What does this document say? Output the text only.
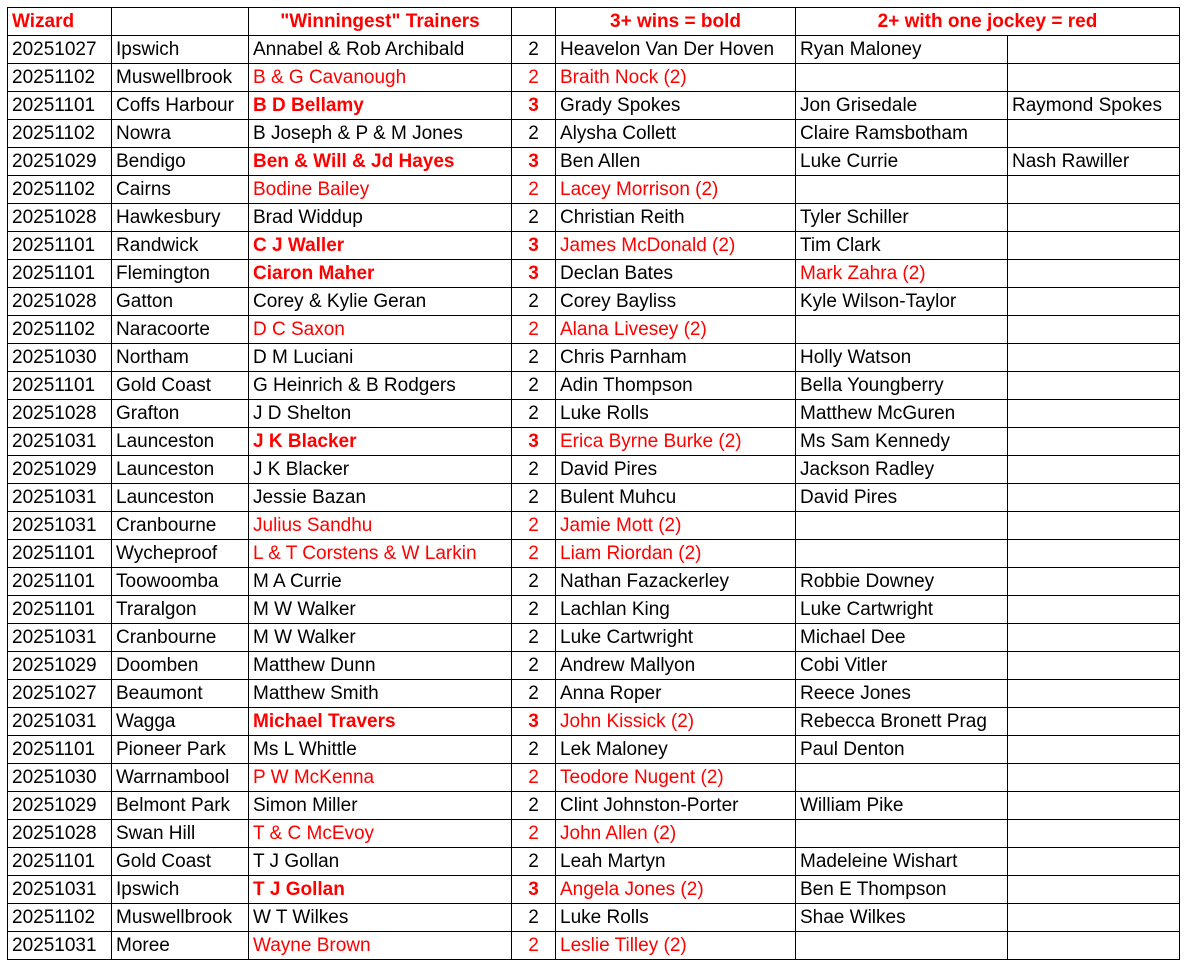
Wizard		"Winningest" Trainers		3+ wins = bold	2+ with one jockey = red	
20251027	Ipswich	Annabel & Rob Archibald	2	Heavelon Van Der Hoven	Ryan Maloney	
20251102	Muswellbrook	B & G Cavanough	2	Braith Nock (2)		
20251101	Coffs Harbour	B D Bellamy	3	Grady Spokes	Jon Grisedale	Raymond Spokes
20251102	Nowra	B Joseph & P & M Jones	2	Alysha Collett	Claire Ramsbotham	
20251029	Bendigo	Ben & Will & Jd Hayes	3	Ben Allen	Luke Currie	Nash Rawiller
20251102	Cairns	Bodine Bailey	2	Lacey Morrison (2)		
20251028	Hawkesbury	Brad Widdup	2	Christian Reith	Tyler Schiller	
20251101	Randwick	C J Waller	3	James McDonald (2)	Tim Clark	
20251101	Flemington	Ciaron Maher	3	Declan Bates	Mark Zahra (2)	
20251028	Gatton	Corey & Kylie Geran	2	Corey Bayliss	Kyle Wilson-Taylor	
20251102	Naracoorte	D C Saxon	2	Alana Livesey (2)		
20251030	Northam	D M Luciani	2	Chris Parnham	Holly Watson	
20251101	Gold Coast	G Heinrich & B Rodgers	2	Adin Thompson	Bella Youngberry	
20251028	Grafton	J D Shelton	2	Luke Rolls	Matthew McGuren	
20251031	Launceston	J K Blacker	3	Erica Byrne Burke (2)	Ms Sam Kennedy	
20251029	Launceston	J K Blacker	2	David Pires	Jackson Radley	
20251031	Launceston	Jessie Bazan	2	Bulent Muhcu	David Pires	
20251031	Cranbourne	Julius Sandhu	2	Jamie Mott (2)		
20251101	Wycheproof	L & T Corstens & W Larkin	2	Liam Riordan (2)		
20251101	Toowoomba	M A Currie	2	Nathan Fazackerley	Robbie Downey	
20251101	Traralgon	M W Walker	2	Lachlan King	Luke Cartwright	
20251031	Cranbourne	M W Walker	2	Luke Cartwright	Michael Dee	
20251029	Doomben	Matthew Dunn	2	Andrew Mallyon	Cobi Vitler	
20251027	Beaumont	Matthew Smith	2	Anna Roper	Reece Jones	
20251031	Wagga	Michael Travers	3	John Kissick (2)	Rebecca Bronett Prag	
20251101	Pioneer Park	Ms L Whittle	2	Lek Maloney	Paul Denton	
20251030	Warrnambool	P W McKenna	2	Teodore Nugent (2)		
20251029	Belmont Park	Simon Miller	2	Clint Johnston-Porter	William Pike	
20251028	Swan Hill	T & C McEvoy	2	John Allen (2)		
20251101	Gold Coast	T J Gollan	2	Leah Martyn	Madeleine Wishart	
20251031	Ipswich	T J Gollan	3	Angela Jones (2)	Ben E Thompson	
20251102	Muswellbrook	W T Wilkes	2	Luke Rolls	Shae Wilkes	
20251031	Moree	Wayne Brown	2	Leslie Tilley (2)		
